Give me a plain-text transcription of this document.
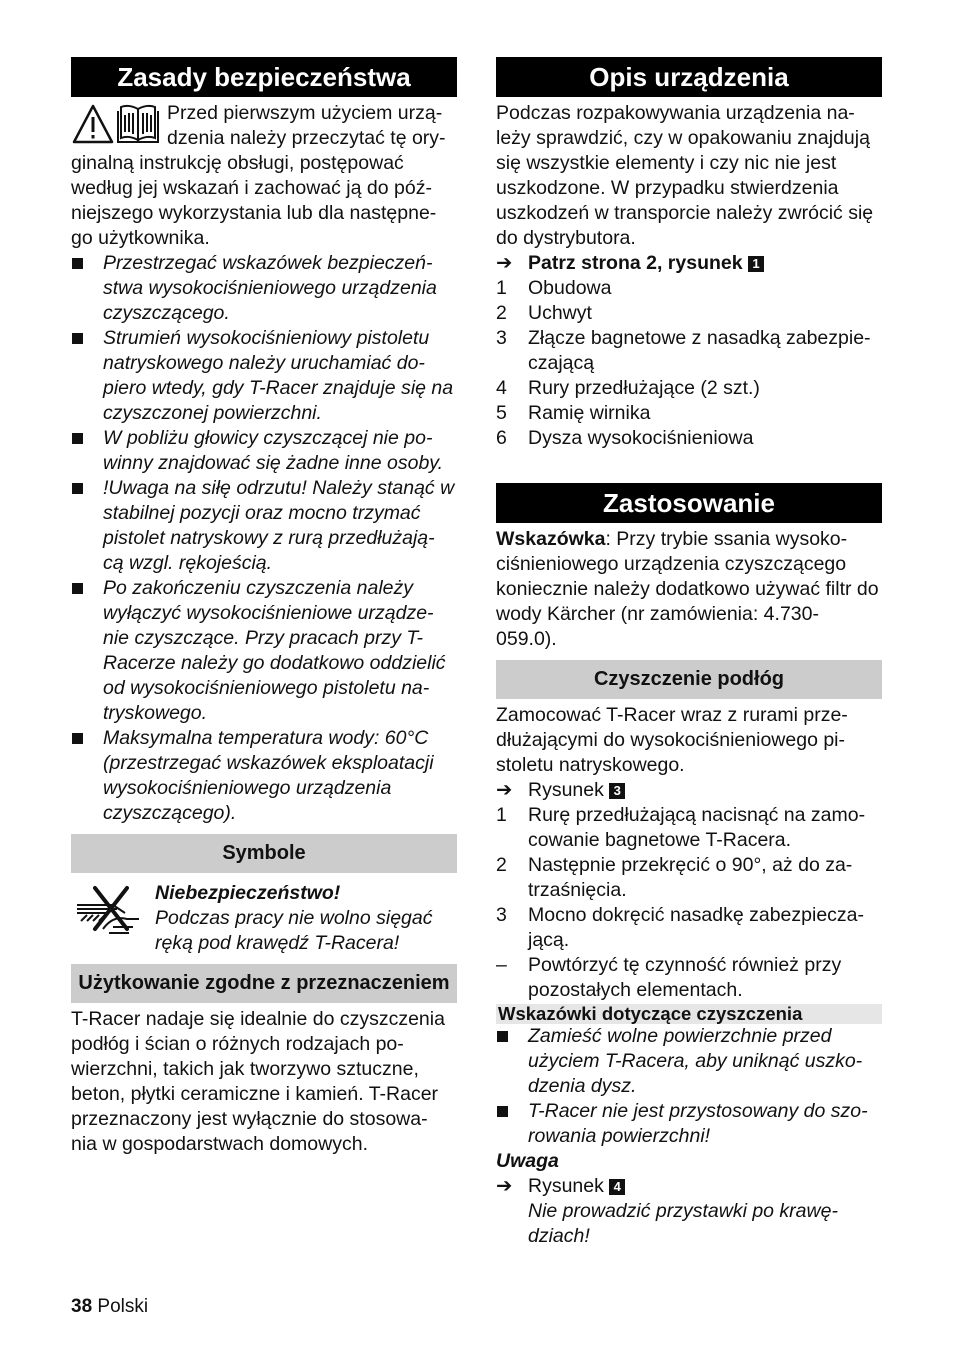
Zasady bezpieczeństwa

Przed pierwszym użyciem urzą-

dzenia należy przeczytać tę ory-

ginalną instrukcję obsługi, postępować według jej wskazań i zachować ją do póź- niejszego wykorzystania lub dla następne- go użytkownika.

Przestrzegać wskazówek bezpieczeń- stwa wysokociśnieniowego urządzenia czyszczącego.
Strumień wysokociśnieniowy pistoletu natryskowego należy uruchamiać do- piero wtedy, gdy T-Racer znajduje się na czyszczonej powierzchni.
W pobliżu głowicy czyszczącej nie po- winny znajdować się żadne inne osoby.
!Uwaga na siłę odrzutu! Należy stanąć w stabilnej pozycji oraz mocno trzymać pistolet natryskowy z rurą przedłużają- cą wzgl. rękojeścią.
Po zakończeniu czyszczenia należy wyłączyć wysokociśnieniowe urządze- nie czyszczące. Przy pracach przy T- Racerze należy go dodatkowo oddzielić od wysokociśnieniowego pistoletu na- tryskowego.
Maksymalna temperatura wody: 60°C (przestrzegać wskazówek eksploatacji wysokociśnieniowego urządzenia czyszczącego).
Symbole
Niebezpieczeństwo!
Podczas pracy nie wolno sięgać ręką pod krawędź T-Racera!
Użytkowanie zgodne z przeznaczeniem

T-Racer nadaje się idealnie do czyszczenia podłóg i ścian o różnych rodzajach po- wierzchni, takich jak tworzywo sztuczne, beton, płytki ceramiczne i kamień. T-Racer przeznaczony jest wyłącznie do stosowa- nia w gospodarstwach domowych.

Opis urządzenia

Podczas rozpakowywania urządzenia na- leży sprawdzić, czy w opakowaniu znajdują się wszystkie elementy i czy nic nie jest uszkodzone. W przypadku stwierdzenia uszkodzeń w transporcie należy zwrócić się do dystrybutora.

➔ Patrz strona 2, rysunek 1
1	Obudowa
2	Uchwyt
3	Złącze bagnetowe z nasadką zabezpie- czającą
4	Rury przedłużające (2 szt.)
5	Ramię wirnika
6	Dysza wysokociśnieniowa
Zastosowanie

Wskazówka: Przy trybie ssania wysoko- ciśnieniowego urządzenia czyszczącego koniecznie należy dodatkowo używać filtr do wody Kärcher (nr zamówienia: 4.730- 059.0).

Czyszczenie podłóg

Zamocować T-Racer wraz z rurami prze- dłużającymi do wysokociśnieniowego pi- stoletu natryskowego.

➔ Rysunek 3
1	Rurę przedłużającą nacisnąć na zamo- cowanie bagnetowe T-Racera.
2	Następnie przekręcić o 90°, aż do za- trzaśnięcia.
3	Mocno dokręcić nasadkę zabezpiecza- jącą.
–	Powtórzyć tę czynność również przy pozostałych elementach.
Wskazówki dotyczące czyszczenia
Zamieść wolne powierzchnie przed użyciem T-Racera, aby uniknąć uszko- dzenia dysz.
T-Racer nie jest przystosowany do szo- rowania powierzchni!
Uwaga
➔ Rysunek 4
Nie prowadzić przystawki po krawę- dziach!
38 Polski
